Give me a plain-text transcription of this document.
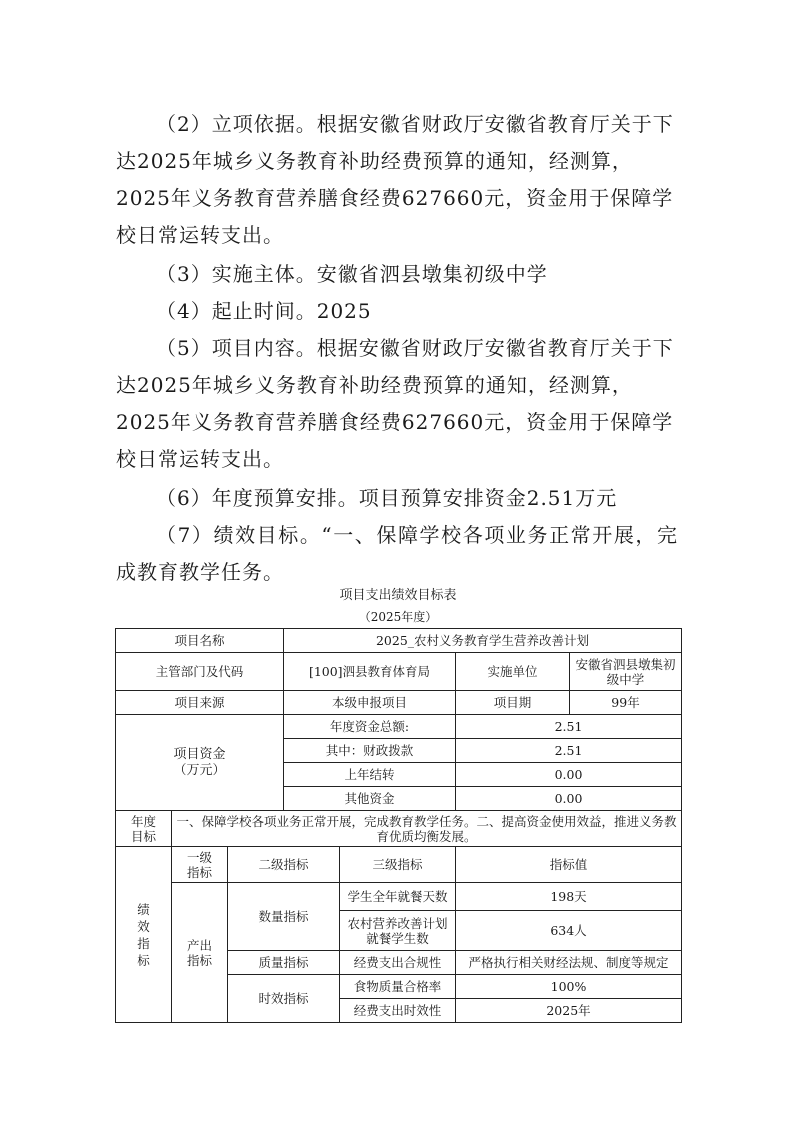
（2）立项依据。根据安徽省财政厅安徽省教育厅关于下达2025年城乡义务教育补助经费预算的通知，经测算，2025年义务教育营养膳食经费627660元，资金用于保障学校日常运转支出。

（3）实施主体。安徽省泗县墩集初级中学

（4）起止时间。2025

（5）项目内容。根据安徽省财政厅安徽省教育厅关于下达2025年城乡义务教育补助经费预算的通知，经测算，2025年义务教育营养膳食经费627660元，资金用于保障学校日常运转支出。

（6）年度预算安排。项目预算安排资金2.51万元

（7）绩效目标。“一、保障学校各项业务正常开展，完成教育教学任务。

项目支出绩效目标表
（2025年度）
项目名称			2025_农村义务教育学生营养改善计划			
主管部门及代码			[100]泗县教育体育局		实施单位	安徽省泗县墩集初级中学
项目来源			本级申报项目		项目期	99年
项目资金（万元）			年度资金总额:		2.51	
			其中：财政拨款		2.51	
			上年结转		0.00	
			其他资金		0.00	
年度目标	一、保障学校各项业务正常开展，完成教育教学任务。二、提高资金使用效益，推进义务教育优质均衡发展。					
绩效指标	一级指标	二级指标		三级指标	指标值	
	产出指标	数量指标		学生全年就餐天数	198天	
				农村营养改善计划就餐学生数	634人	
		质量指标		经费支出合规性	严格执行相关财经法规、制度等规定	
		时效指标		食物质量合格率	100%	
				经费支出时效性	2025年	
